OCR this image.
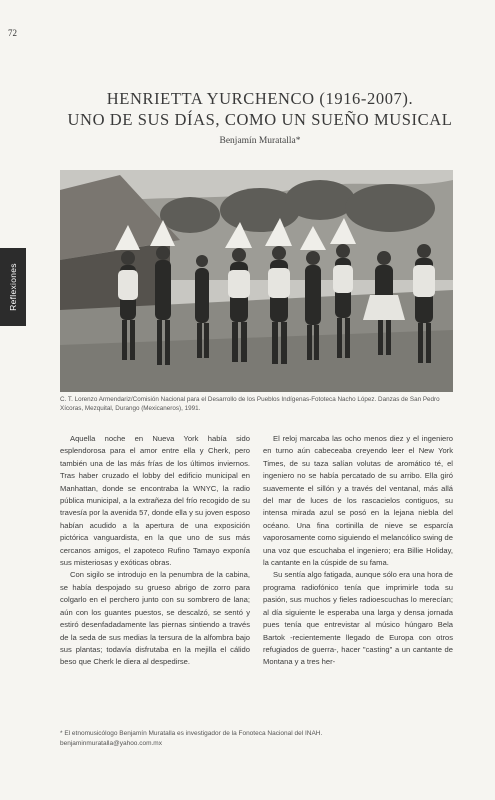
72
Reflexiones
HENRIETTA YURCHENCO (1916-2007).
UNO DE SUS DÍAS, COMO UN SUEÑO MUSICAL
Benjamín Muratalla*
C. T. Lorenzo Armendariz/Comisión Nacional para el Desarrollo de los Pueblos Indígenas-Fototeca Nacho López. Danzas de San Pedro Xícoras, Mezquital, Durango (Mexicaneros), 1991.

Aquella noche en Nueva York había sido esplendorosa para el amor entre ella y Cherk, pero también una de las más frías de los últimos inviernos. Tras haber cruzado el lobby del edificio municipal en Manhattan, donde se encontraba la WNYC, la radio pública municipal, a la extrañeza del frío recogido de su travesía por la avenida 57, donde ella y su joven esposo habían acudido a la apertura de una exposición pictórica vanguardista, en la que uno de sus más cercanos amigos, el zapoteco Rufino Tamayo exponía sus misteriosas y exóticas obras.

Con sigilo se introdujo en la penumbra de la cabina, se había despojado su grueso abrigo de zorro para colgarlo en el perchero junto con su sombrero de lana; aún con los guantes puestos, se descalzó, se sentó y estiró desenfadadamente las piernas sintiendo a través de la seda de sus medias la tersura de la alfombra bajo sus plantas; todavía disfrutaba en la mejilla el cálido beso que Cherk le diera al despedirse.

El reloj marcaba las ocho menos diez y el ingeniero en turno aún cabeceaba creyendo leer el New York Times, de su taza salían volutas de aromático té, el ingeniero no se había percatado de su arribo. Ella giró suavemente el sillón y a través del ventanal, más allá del mar de luces de los rascacielos contiguos, su intensa mirada azul se posó en la lejana niebla del océano. Una fina cortinilla de nieve se esparcía vaporosamente como siguiendo el melancólico swing de una voz que escuchaba el ingeniero; era Billie Holiday, la cantante en la cúspide de su fama.

Su sentía algo fatigada, aunque sólo era una hora de programa radiofónico tenía que imprimirle toda su pasión, sus muchos y fieles radioescuchas lo merecían; al día siguiente le esperaba una larga y densa jornada pues tenía que entrevistar al músico húngaro Bela Bartok -recientemente llegado de Europa con otros refugiados de guerra-, hacer "casting" a un cantante de Montana y a tres her-

* El etnomusicólogo Benjamín Muratalla es investigador de la Fonoteca Nacional del INAH.
benjaminmuratalla@yahoo.com.mx
